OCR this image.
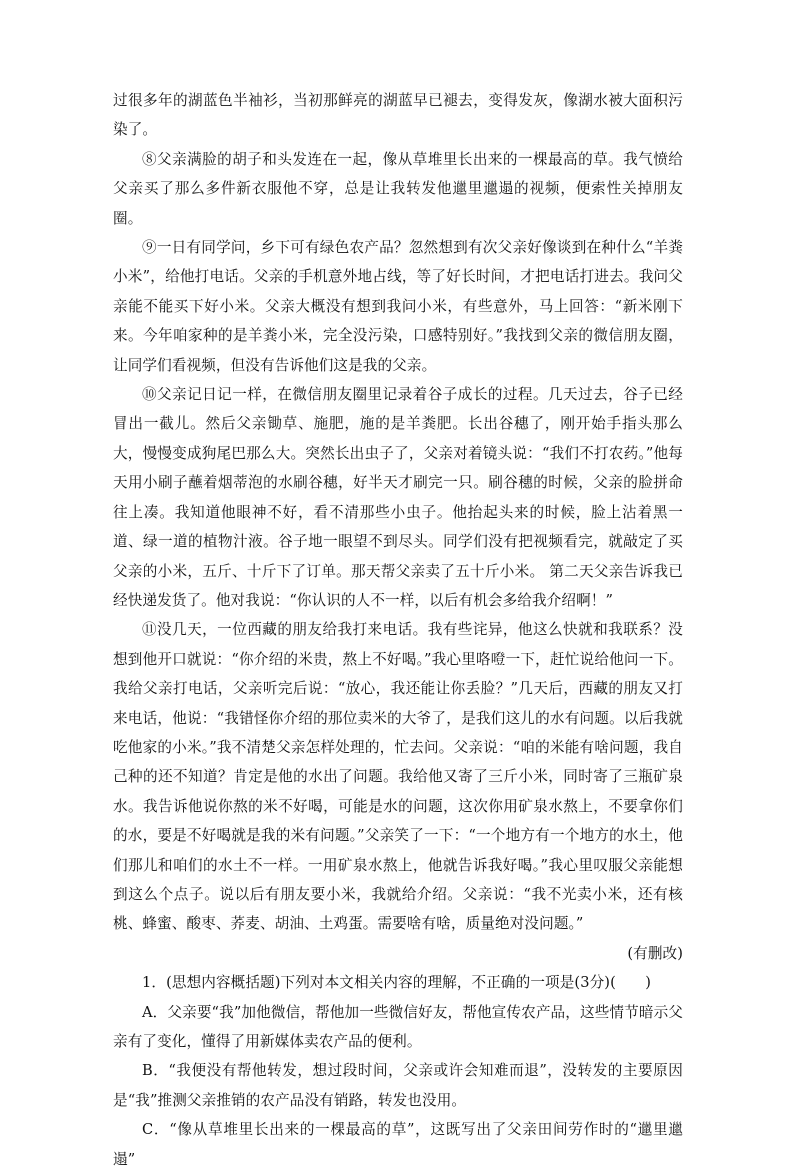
过很多年的湖蓝色半袖衫，当初那鲜亮的湖蓝早已褪去，变得发灰，像湖水被大面积污染了。

⑧父亲满脸的胡子和头发连在一起，像从草堆里长出来的一棵最高的草。我气愤给父亲买了那么多件新衣服他不穿，总是让我转发他邋里邋遢的视频，便索性关掉朋友圈。

⑨一日有同学问，乡下可有绿色农产品？忽然想到有次父亲好像谈到在种什么“羊粪小米”，给他打电话。父亲的手机意外地占线，等了好长时间，才把电话打进去。我问父亲能不能买下好小米。父亲大概没有想到我问小米，有些意外，马上回答：“新米刚下来。今年咱家种的是羊粪小米，完全没污染，口感特别好。”我找到父亲的微信朋友圈，让同学们看视频，但没有告诉他们这是我的父亲。

⑩父亲记日记一样，在微信朋友圈里记录着谷子成长的过程。几天过去，谷子已经冒出一截儿。然后父亲锄草、施肥，施的是羊粪肥。长出谷穗了，刚开始手指头那么大，慢慢变成狗尾巴那么大。突然长出虫子了，父亲对着镜头说：“我们不打农药。”他每天用小刷子蘸着烟蒂泡的水刷谷穗，好半天才刷完一只。刷谷穗的时候，父亲的脸拼命往上凑。我知道他眼神不好，看不清那些小虫子。他抬起头来的时候，脸上沾着黑一道、绿一道的植物汁液。谷子地一眼望不到尽头。同学们没有把视频看完，就敲定了买父亲的小米，五斤、十斤下了订单。那天帮父亲卖了五十斤小米。 第二天父亲告诉我已经快递发货了。他对我说：“你认识的人不一样，以后有机会多给我介绍啊！”

⑪没几天，一位西藏的朋友给我打来电话。我有些诧异，他这么快就和我联系？没想到他开口就说：“你介绍的米贵，熬上不好喝。”我心里咯噔一下，赶忙说给他问一下。我给父亲打电话，父亲听完后说：“放心，我还能让你丢脸？”几天后，西藏的朋友又打来电话，他说：“我错怪你介绍的那位卖米的大爷了，是我们这儿的水有问题。以后我就吃他家的小米。”我不清楚父亲怎样处理的，忙去问。父亲说：“咱的米能有啥问题，我自己种的还不知道？肯定是他的水出了问题。我给他又寄了三斤小米，同时寄了三瓶矿泉水。我告诉他说你熬的米不好喝，可能是水的问题，这次你用矿泉水熬上，不要拿你们的水，要是不好喝就是我的米有问题。”父亲笑了一下：“一个地方有一个地方的水土，他们那儿和咱们的水土不一样。一用矿泉水熬上，他就告诉我好喝。”我心里叹服父亲能想到这么个点子。说以后有朋友要小米，我就给介绍。父亲说：“我不光卖小米，还有核桃、蜂蜜、酸枣、荞麦、胡油、土鸡蛋。需要啥有啥，质量绝对没问题。”

(有删改)

1．(思想内容概括题)下列对本文相关内容的理解，不正确的一项是(3分)(　　)

A．父亲要“我”加他微信，帮他加一些微信好友，帮他宣传农产品，这些情节暗示父亲有了变化，懂得了用新媒体卖农产品的便利。

B．“我便没有帮他转发，想过段时间，父亲或许会知难而退”，没转发的主要原因是“我”推测父亲推销的农产品没有销路，转发也没用。

C．“像从草堆里长出来的一棵最高的草”，这既写出了父亲田间劳作时的“邋里邋遢”
